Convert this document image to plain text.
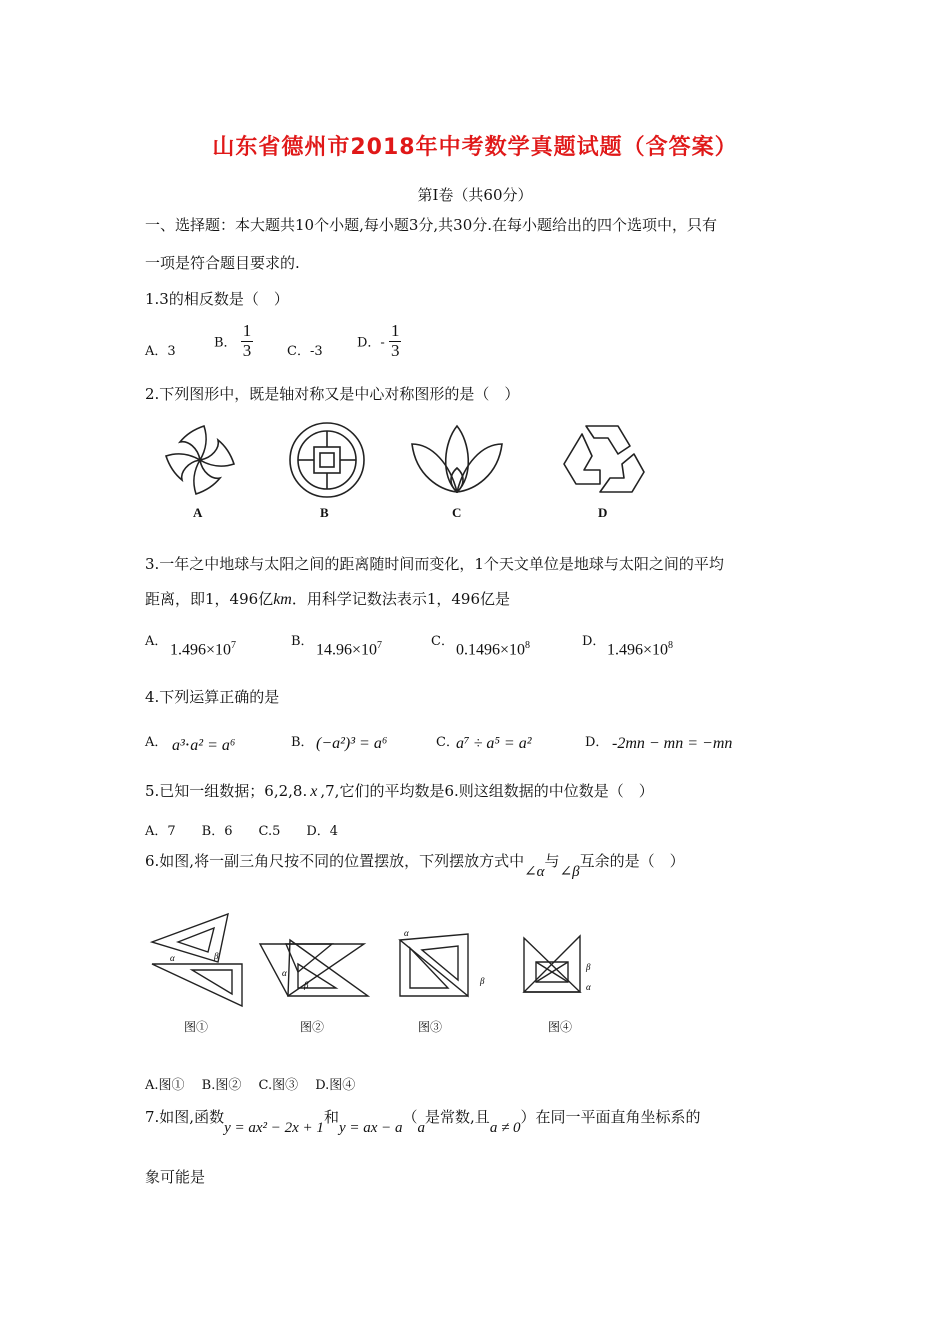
山东省德州市2018年中考数学真题试题（含答案）
第Ⅰ卷（共60分）
一、选择题：本大题共10个小题,每小题3分,共30分.在每小题给出的四个选项中，只有
一项是符合题目要求的.
1.3的相反数是（　）
A．3
B． $\frac{1}{3}$	C．-3
D．- $\frac{1}{3}$
2.下列图形中，既是轴对称又是中心对称图形的是（　）
A	B	C	D
3.一年之中地球与太阳之间的距离随时间而变化，1个天文单位是地球与太阳之间的平均
距离，即1，496亿km．用科学记数法表示1，496亿是
A． $1.496\times 10^7$	B． $14.96\times 10^7$	C． $0.1496\times 10^8$	D． $1.496\times 10^8$
4.下列运算正确的是
A． a³⋅a² = a⁶	B． (−a²)³ = a⁶	C．
a⁷ ÷ a⁵ = a²	D． -2mn − mn = −mn
5.已知一组数据；6,2,8. x ,7,它们的平均数是6.则这组数据的中位数是（　）
A．7　　B．6　　C.5　　D．4
6.如图,将一副三角尺按不同的位置摆放，下列摆放方式中∠α与∠β互余的是（　）
α	β
图①
α
β
图②
α
β
图③
β
α
图④
A.图①　 B.图②　 C.图③　 D.图④
7.如图,函数y = ax² − 2x + 1和y = ax − a（a是常数,且a ≠ 0）在同一平面直角坐标系的
象可能是
